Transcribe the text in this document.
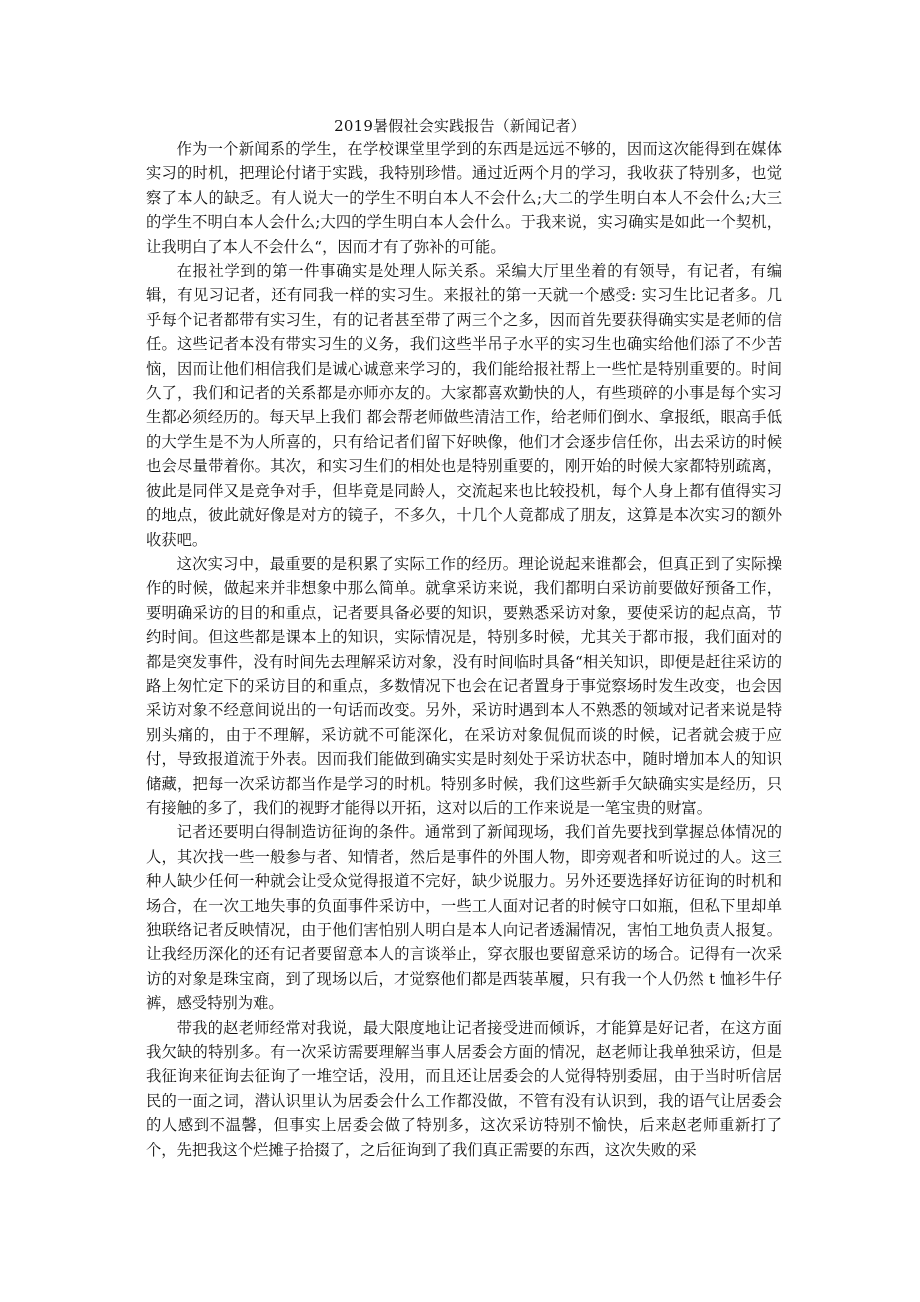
2019暑假社会实践报告（新闻记者）

作为一个新闻系的学生，在学校课堂里学到的东西是远远不够的，因而这次能得到在媒体实习的时机，把理论付诸于实践，我特别珍惜。通过近两个月的学习，我收获了特别多，也觉察了本人的缺乏。有人说大一的学生不明白本人不会什么;大二的学生明白本人不会什么;大三的学生不明白本人会什么;大四的学生明白本人会什么。于我来说，实习确实是如此一个契机，让我明白了本人不会什么“，因而才有了弥补的可能。

在报社学到的第一件事确实是处理人际关系。采编大厅里坐着的有领导，有记者，有编辑，有见习记者，还有同我一样的实习生。来报社的第一天就一个感受: 实习生比记者多。几乎每个记者都带有实习生，有的记者甚至带了两三个之多，因而首先要获得确实实是老师的信任。这些记者本没有带实习生的义务，我们这些半吊子水平的实习生也确实给他们添了不少苦恼，因而让他们相信我们是诚心诚意来学习的，我们能给报社帮上一些忙是特别重要的。时间久了，我们和记者的关系都是亦师亦友的。大家都喜欢勤快的人，有些琐碎的小事是每个实习生都必须经历的。每天早上我们 都会帮老师做些清洁工作，给老师们倒水、拿报纸，眼高手低的大学生是不为人所喜的，只有给记者们留下好映像，他们才会逐步信任你，出去采访的时候也会尽量带着你。其次，和实习生们的相处也是特别重要的，刚开始的时候大家都特别疏离，彼此是同伴又是竞争对手，但毕竟是同龄人，交流起来也比较投机，每个人身上都有值得实习的地点，彼此就好像是对方的镜子，不多久，十几个人竟都成了朋友，这算是本次实习的额外收获吧。

这次实习中，最重要的是积累了实际工作的经历。理论说起来谁都会，但真正到了实际操作的时候，做起来并非想象中那么简单。就拿采访来说，我们都明白采访前要做好预备工作，要明确采访的目的和重点，记者要具备必要的知识，要熟悉采访对象，要使采访的起点高，节约时间。但这些都是课本上的知识，实际情况是，特别多时候，尤其关于都市报，我们面对的都是突发事件，没有时间先去理解采访对象，没有时间临时具备“相关知识，即便是赶往采访的路上匆忙定下的采访目的和重点，多数情况下也会在记者置身于事觉察场时发生改变，也会因采访对象不经意间说出的一句话而改变。另外，采访时遇到本人不熟悉的领域对记者来说是特别头痛的，由于不理解，采访就不可能深化，在采访对象侃侃而谈的时候，记者就会疲于应付，导致报道流于外表。因而我们能做到确实实是时刻处于采访状态中，随时增加本人的知识储藏，把每一次采访都当作是学习的时机。特别多时候，我们这些新手欠缺确实实是经历，只有接触的多了，我们的视野才能得以开拓，这对以后的工作来说是一笔宝贵的财富。

记者还要明白得制造访征询的条件。通常到了新闻现场，我们首先要找到掌握总体情况的人，其次找一些一般参与者、知情者，然后是事件的外围人物，即旁观者和听说过的人。这三种人缺少任何一种就会让受众觉得报道不完好，缺少说服力。另外还要选择好访征询的时机和场合，在一次工地失事的负面事件采访中，一些工人面对记者的时候守口如瓶，但私下里却单独联络记者反映情况，由于他们害怕别人明白是本人向记者透漏情况，害怕工地负责人报复。让我经历深化的还有记者要留意本人的言谈举止，穿衣服也要留意采访的场合。记得有一次采访的对象是珠宝商，到了现场以后，才觉察他们都是西装革履，只有我一个人仍然 t 恤衫牛仔裤，感受特别为难。

带我的赵老师经常对我说，最大限度地让记者接受进而倾诉，才能算是好记者，在这方面我欠缺的特别多。有一次采访需要理解当事人居委会方面的情况，赵老师让我单独采访，但是我征询来征询去征询了一堆空话，没用，而且还让居委会的人觉得特别委屈，由于当时听信居民的一面之词，潜认识里认为居委会什么工作都没做，不管有没有认识到，我的语气让居委会的人感到不温馨，但事实上居委会做了特别多，这次采访特别不愉快，后来赵老师重新打了个，先把我这个烂摊子拾掇了，之后征询到了我们真正需要的东西，这次失败的采
